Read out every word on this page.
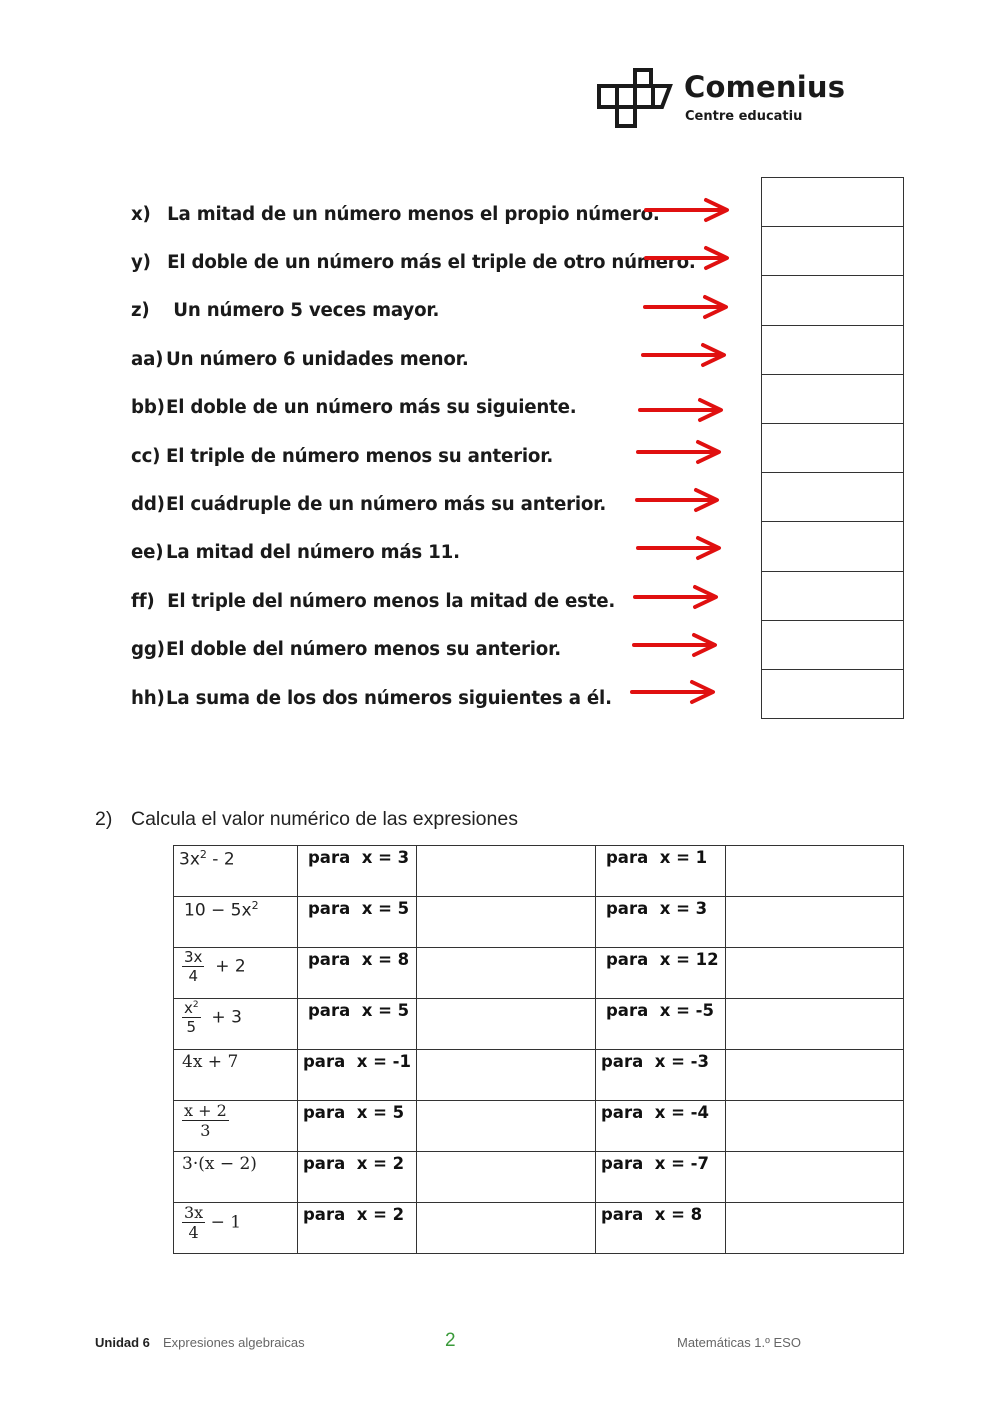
Comenius
Centre educatiu
x)
La mitad de un número menos el propio número.
y)
El doble de un número más el triple de otro número.
z)
Un número 5 veces mayor.
aa) Un número 6 unidades menor.
bb) El doble de un número más su siguiente.
cc) El triple de número menos su anterior.
dd) El cuádruple de un número más su anterior.
ee) La mitad del número más 11.
ff)
El triple del número menos la mitad de este.
gg) El doble del número menos su anterior.
hh) La suma de los dos números siguientes a él.
2) Calcula el valor numérico de las expresiones
$3x^2 - 2$	para  x = 3		para  x = 1	

$10 - 5x^2$	para  x = 5		para  x = 3	

$\frac{3x}{4} + 2$	para  x = 8		para  x = 12	

$\frac{x^2}{5} + 3$	para  x = 5		para  x = -5	

4x + 7	para  x = -1		para  x = -3	

$\frac{x + 2}{3}$	para  x = 5		para  x = -4	

3·(x − 2)	para  x = 2		para  x = -7	

$\frac{3x}{4} - 1$	para  x = 2		para  x = 8	

Unidad 6 Expresiones algebraicas	2	Matemáticas 1.º ESO
